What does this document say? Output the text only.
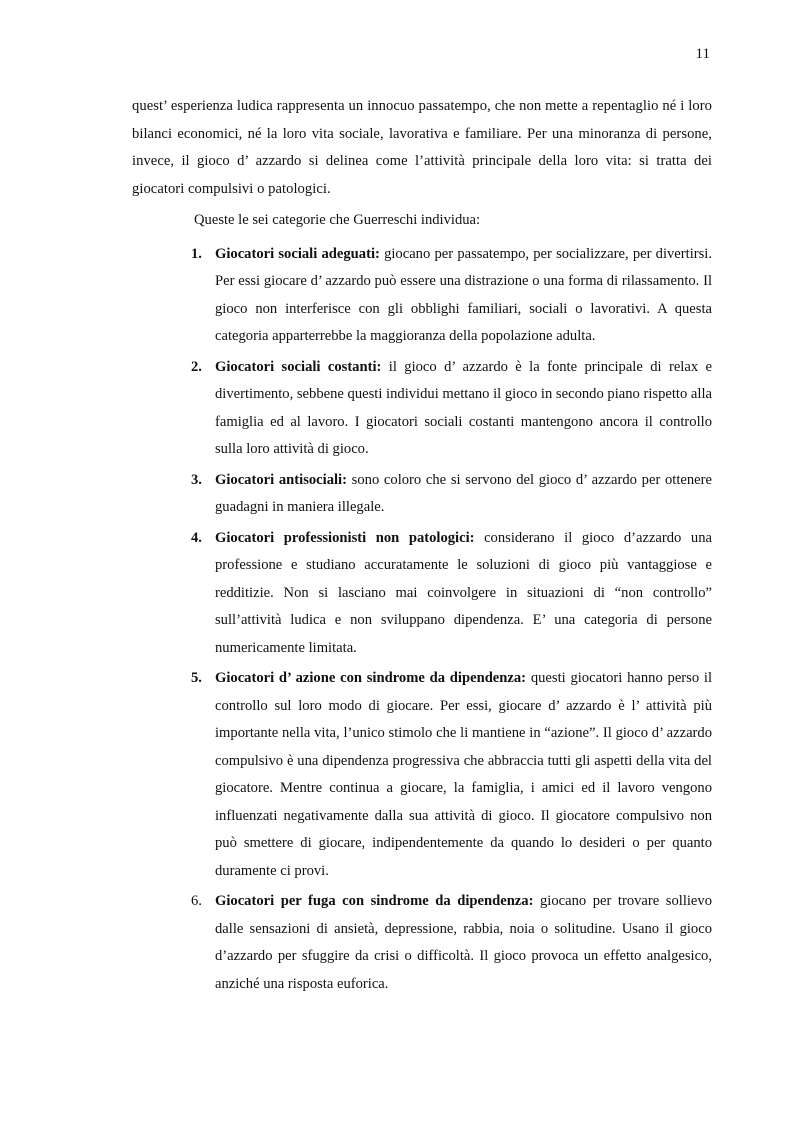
11

quest’ esperienza ludica rappresenta un innocuo passatempo, che non mette a repentaglio né i loro bilanci economici, né la loro vita sociale, lavorativa e familiare. Per una minoranza di persone, invece, il gioco d’ azzardo si delinea come l’attività principale della loro vita: si tratta dei giocatori compulsivi o patologici.

Queste le sei categorie che Guerreschi individua:

1. Giocatori sociali adeguati: giocano per passatempo, per socializzare, per divertirsi. Per essi giocare d’ azzardo può essere una distrazione o una forma di rilassamento. Il gioco non interferisce con gli obblighi familiari, sociali o lavorativi. A questa categoria apparterrebbe la maggioranza della popolazione adulta.
2. Giocatori sociali costanti: il gioco d’ azzardo è la fonte principale di relax e divertimento, sebbene questi individui mettano il gioco in secondo piano rispetto alla famiglia ed al lavoro. I giocatori sociali costanti mantengono ancora il controllo sulla loro attività di gioco.
3. Giocatori antisociali: sono coloro che si servono del gioco d’ azzardo per ottenere guadagni in maniera illegale.
4. Giocatori professionisti non patologici: considerano il gioco d’azzardo una professione e studiano accuratamente le soluzioni di gioco più vantaggiose e redditizie. Non si lasciano mai coinvolgere in situazioni di “non controllo” sull’attività ludica e non sviluppano dipendenza. E’ una categoria di persone numericamente limitata.
5. Giocatori d’ azione con sindrome da dipendenza: questi giocatori hanno perso il controllo sul loro modo di giocare. Per essi, giocare d’ azzardo è l’ attività più importante nella vita, l’unico stimolo che li mantiene in “azione”. Il gioco d’ azzardo compulsivo è una dipendenza progressiva che abbraccia tutti gli aspetti della vita del giocatore. Mentre continua a giocare, la famiglia, i amici ed il lavoro vengono influenzati negativamente dalla sua attività di gioco. Il giocatore compulsivo non può smettere di giocare, indipendentemente da quando lo desideri o per quanto duramente ci provi.
6. Giocatori per fuga con sindrome da dipendenza: giocano per trovare sollievo dalle sensazioni di ansietà, depressione, rabbia, noia o solitudine. Usano il gioco d’azzardo per sfuggire da crisi o difficoltà. Il gioco provoca un effetto analgesico, anziché una risposta euforica.
